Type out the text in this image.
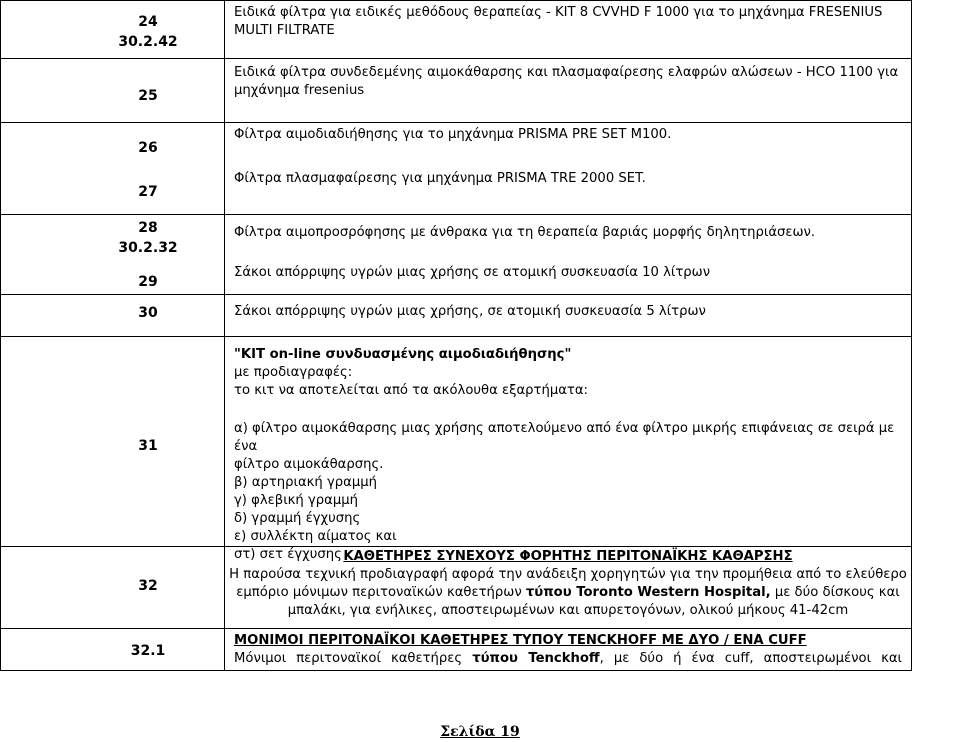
24
30.2.42
Ειδικά φίλτρα για ειδικές μεθόδους θεραπείας - KIT 8 CVVHD F 1000 για το μηχάνημα FRESENIUS
MULTI FILTRATE
25
Ειδικά φίλτρα συνδεδεμένης αιμοκάθαρσης και πλασμαφαίρεσης ελαφρών αλώσεων - HCO 1100 για
μηχάνημα fresenius
26
Φίλτρα αιμοδιαδιήθησης για το μηχάνημα PRISMA PRE SET M100.
27
Φίλτρα πλασμαφαίρεσης για μηχάνημα PRISMA TRE 2000 SET.
28
30.2.32
Φίλτρα αιμοπροσρόφησης με άνθρακα για τη θεραπεία βαριάς μορφής δηλητηριάσεων.
29
Σάκοι απόρριψης υγρών μιας χρήσης σε ατομική συσκευασία 10 λίτρων
30	Σάκοι απόρριψης υγρών μιας χρήσης, σε ατομική συσκευασία 5 λίτρων
31
"KIT on-line συνδυασμένης αιμοδιαδιήθησης"
με προδιαγραφές:
το κιτ να αποτελείται από τα ακόλουθα εξαρτήματα:
α) φίλτρο αιμοκάθαρσης μιας χρήσης αποτελούμενο από ένα φίλτρο μικρής επιφάνειας σε σειρά με ένα
φίλτρο αιμοκάθαρσης.
β) αρτηριακή γραμμή
γ) φλεβική γραμμή
δ) γραμμή έγχυσης
ε) συλλέκτη αίματος και
στ) σετ έγχυσης
32
ΚΑΘΕΤΗΡΕΣ ΣΥΝΕΧΟΥΣ ΦΟΡΗΤΗΣ ΠΕΡΙΤΟΝΑΪΚΗΣ ΚΑΘΑΡΣΗΣ
Η παρούσα τεχνική προδιαγραφή αφορά την ανάδειξη χορηγητών για την προμήθεια από το ελεύθερο
εμπόριο μόνιμων περιτοναϊκών καθετήρων τύπου Toronto Western Hospital, με δύο δίσκους και
μπαλάκι, για ενήλικες, αποστειρωμένων και απυρετογόνων, ολικού μήκους 41-42cm
32.1
ΜΟΝΙΜΟΙ ΠΕΡΙΤΟΝΑΪΚΟΙ ΚΑΘΕΤΗΡΕΣ ΤΥΠΟΥ TENCKHOFF ΜΕ ΔΥΟ / ΕΝΑ CUFF
Μόνιμοι περιτοναϊκοί καθετήρες τύπου Tenckhoff, με δύο ή ένα cuff, αποστειρωμένοι και
Σελίδα 19
